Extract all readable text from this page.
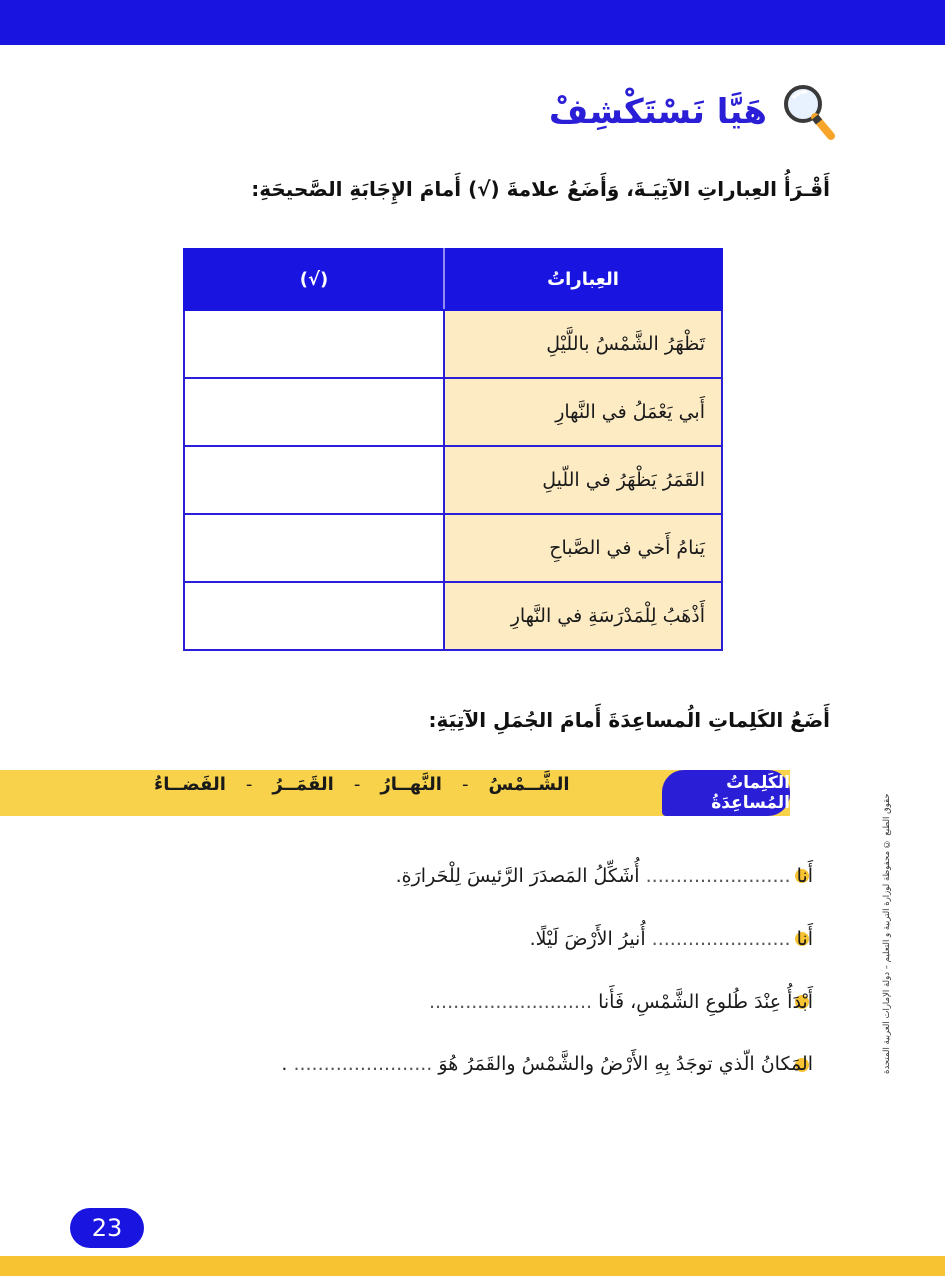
هَيَّا نَسْتَكْشِفْ
أَقْـرَأُ العِباراتِ الآتِيَـةَ، وَأَضَعُ علامةَ (√) أَمامَ الإِجَابَةِ الصَّحيحَةِ:
العِباراتُ	(√)
تَظْهَرُ الشَّمْسُ باللَّيْلِ	
أَبي يَعْمَلُ في النَّهارِ	
القَمَرُ يَظْهَرُ في اللّيلِ	
يَنامُ أَخي في الصَّباحِ	
أَذْهَبُ لِلْمَدْرَسَةِ في النَّهارِ	
أَضَعُ الكَلِماتِ الُمساعِدَةَ أَمامَ الجُمَلِ الآتِيَةِ:
الشَّــمْسُ-النَّهــارُ-القَمَــرُ-الفَضــاءُ	الكَلِماتُ المُساعِدَةُ
أَنا ........................ أُشَكِّلُ المَصدَرَ الرَّئيسَ لِلْحَرارَةِ.
أَنا ....................... أُنيرُ الأَرْضَ لَيْلًا.
أَبْدَأُ عِنْدَ طُلوعِ الشَّمْسِ، فَأَنا ...........................
المَكانُ الّذي توجَدُ بِهِ الأَرْضُ والشَّمْسُ والقَمَرُ هُوَ ....................... .	حقوق الطبع © محفوظة لوزارة التربية و التعليم – دولة الإمارات العربية المتحدة
23
